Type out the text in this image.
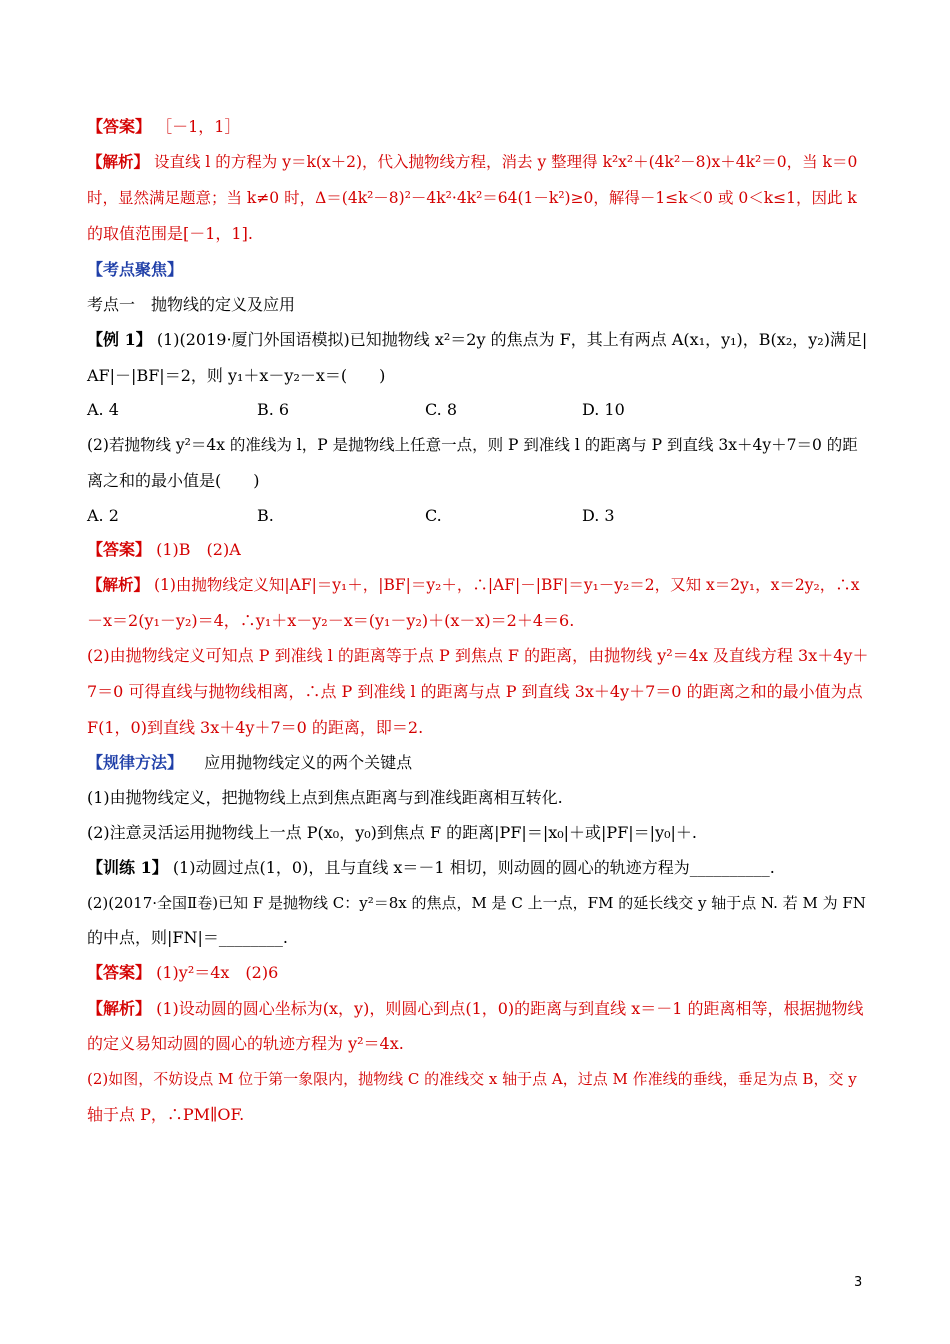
【答案】 ［－1，1］
【解析】 设直线 l 的方程为 y＝k(x＋2)，代入抛物线方程，消去 y 整理得 k²x²＋(4k²－8)x＋4k²＝0，当 k＝0
时，显然满足题意；当 k≠0 时，Δ＝(4k²－8)²－4k²·4k²＝64(1－k²)≥0，解得－1≤k＜0 或 0＜k≤1，因此 k
的取值范围是[－1，1].
【考点聚焦】
考点一　抛物线的定义及应用
【例 1】 (1)(2019·厦门外国语模拟)已知抛物线 x²＝2y 的焦点为 F，其上有两点 A(x₁，y₁)，B(x₂，y₂)满足|
AF|－|BF|＝2，则 y₁＋x－y₂－x＝(　　)
A. 4	B. 6	C. 8	D. 10
(2)若抛物线 y²＝4x 的准线为 l，P 是抛物线上任意一点，则 P 到准线 l 的距离与 P 到直线 3x＋4y＋7＝0 的距
离之和的最小值是(　　)
A. 2	B.	C.	D. 3
【答案】 (1)B　(2)A
【解析】 (1)由抛物线定义知|AF|＝y₁＋，|BF|＝y₂＋，∴|AF|－|BF|＝y₁－y₂＝2，又知 x＝2y₁，x＝2y₂，∴x
－x＝2(y₁－y₂)＝4，∴y₁＋x－y₂－x＝(y₁－y₂)＋(x－x)＝2＋4＝6.
(2)由抛物线定义可知点 P 到准线 l 的距离等于点 P 到焦点 F 的距离，由抛物线 y²＝4x 及直线方程 3x＋4y＋
7＝0 可得直线与抛物线相离，∴点 P 到准线 l 的距离与点 P 到直线 3x＋4y＋7＝0 的距离之和的最小值为点
F(1，0)到直线 3x＋4y＋7＝0 的距离，即＝2.
【规律方法】 　应用抛物线定义的两个关键点
(1)由抛物线定义，把抛物线上点到焦点距离与到准线距离相互转化.
(2)注意灵活运用抛物线上一点 P(x₀，y₀)到焦点 F 的距离|PF|＝|x₀|＋或|PF|＝|y₀|＋.
【训练 1】 (1)动圆过点(1，0)，且与直线 x＝－1 相切，则动圆的圆心的轨迹方程为__________.
(2)(2017·全国Ⅱ卷)已知 F 是抛物线 C：y²＝8x 的焦点，M 是 C 上一点，FM 的延长线交 y 轴于点 N. 若 M 为 FN
的中点，则|FN|＝________.
【答案】 (1)y²＝4x　(2)6
【解析】 (1)设动圆的圆心坐标为(x，y)，则圆心到点(1，0)的距离与到直线 x＝－1 的距离相等，根据抛物线
的定义易知动圆的圆心的轨迹方程为 y²＝4x.
(2)如图，不妨设点 M 位于第一象限内，抛物线 C 的准线交 x 轴于点 A，过点 M 作准线的垂线，垂足为点 B，交 y
轴于点 P，∴PM∥OF.
3
